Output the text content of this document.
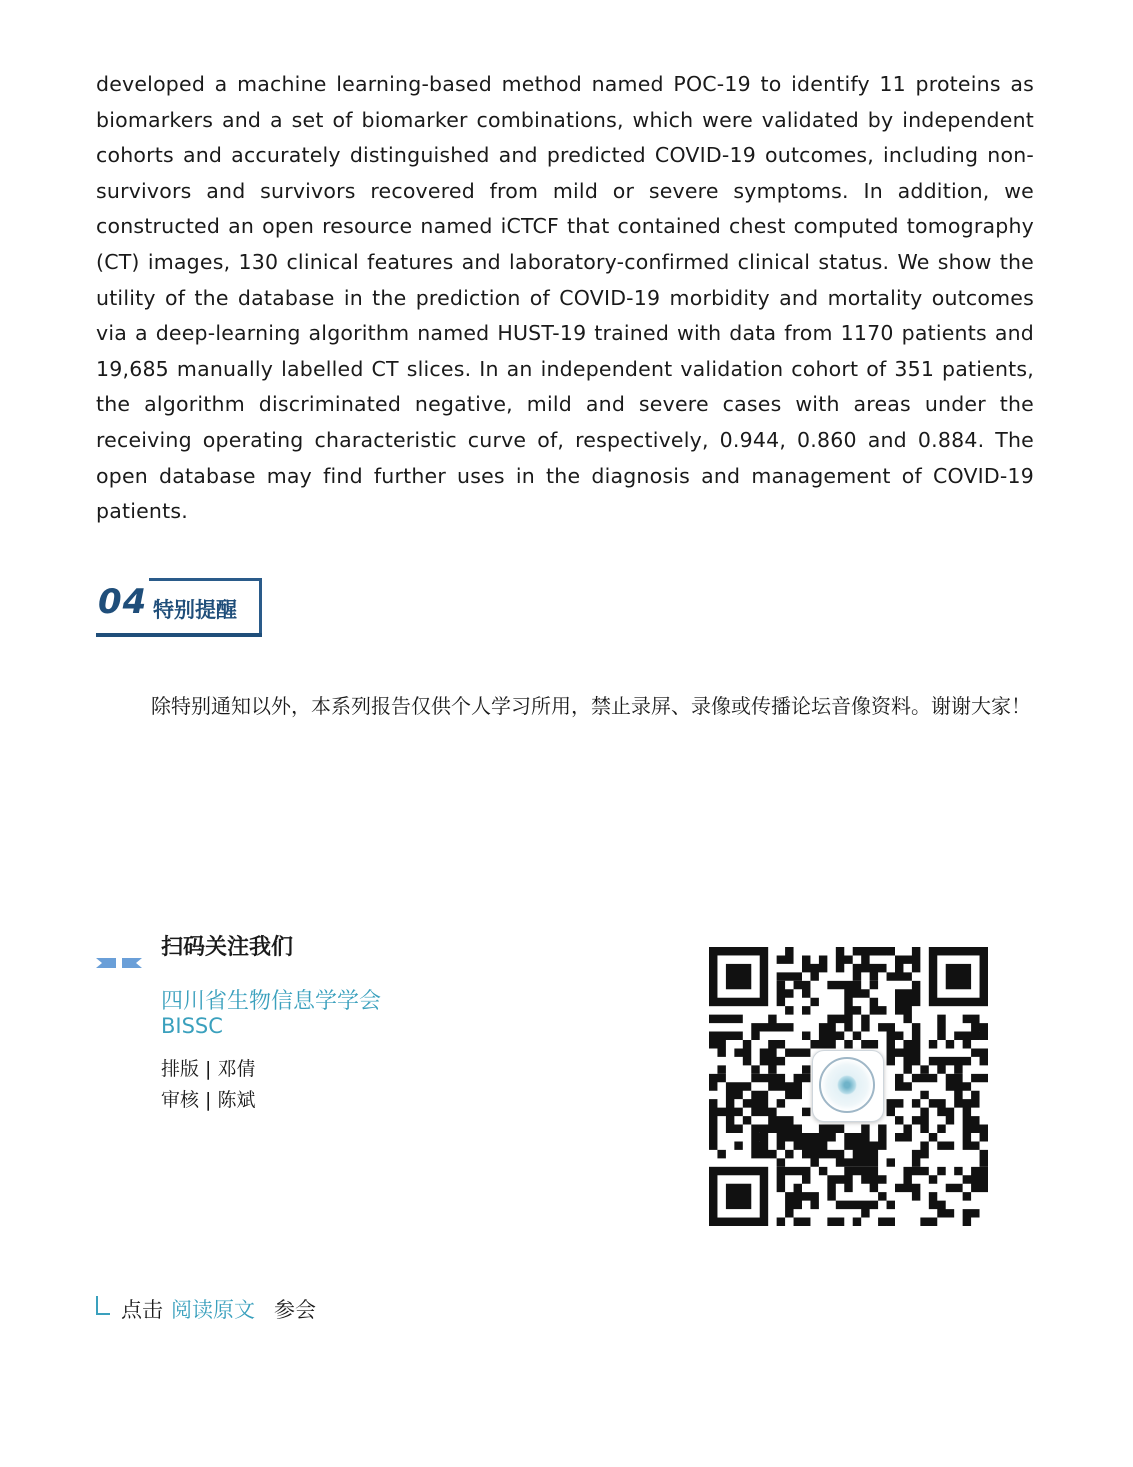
developed a machine learning-based method named POC-19 to identify 11 proteins as biomarkers and a set of biomarker combinations, which were validated by independent cohorts and accurately distinguished and predicted COVID-19 outcomes, including non-survivors and survivors recovered from mild or severe symptoms. In addition, we constructed an open resource named iCTCF that contained chest computed tomography (CT) images, 130 clinical features and laboratory-confirmed clinical status. We show the utility of the database in the prediction of COVID-19 morbidity and mortality outcomes via a deep-learning algorithm named HUST-19 trained with data from 1170 patients and 19,685 manually labelled CT slices. In an independent validation cohort of 351 patients, the algorithm discriminated negative, mild and severe cases with areas under the receiving operating characteristic curve of, respectively, 0.944, 0.860 and 0.884. The open database may find further uses in the diagnosis and management of COVID-19 patients.

04 特别提醒

除特别通知以外，本系列报告仅供个人学习所用，禁止录屏、录像或传播论坛音像资料。谢谢大家！

扫码关注我们
四川省生物信息学学会
BISSC
排版 | 邓倩
审核 | 陈斌
点击 阅读原文 参会
